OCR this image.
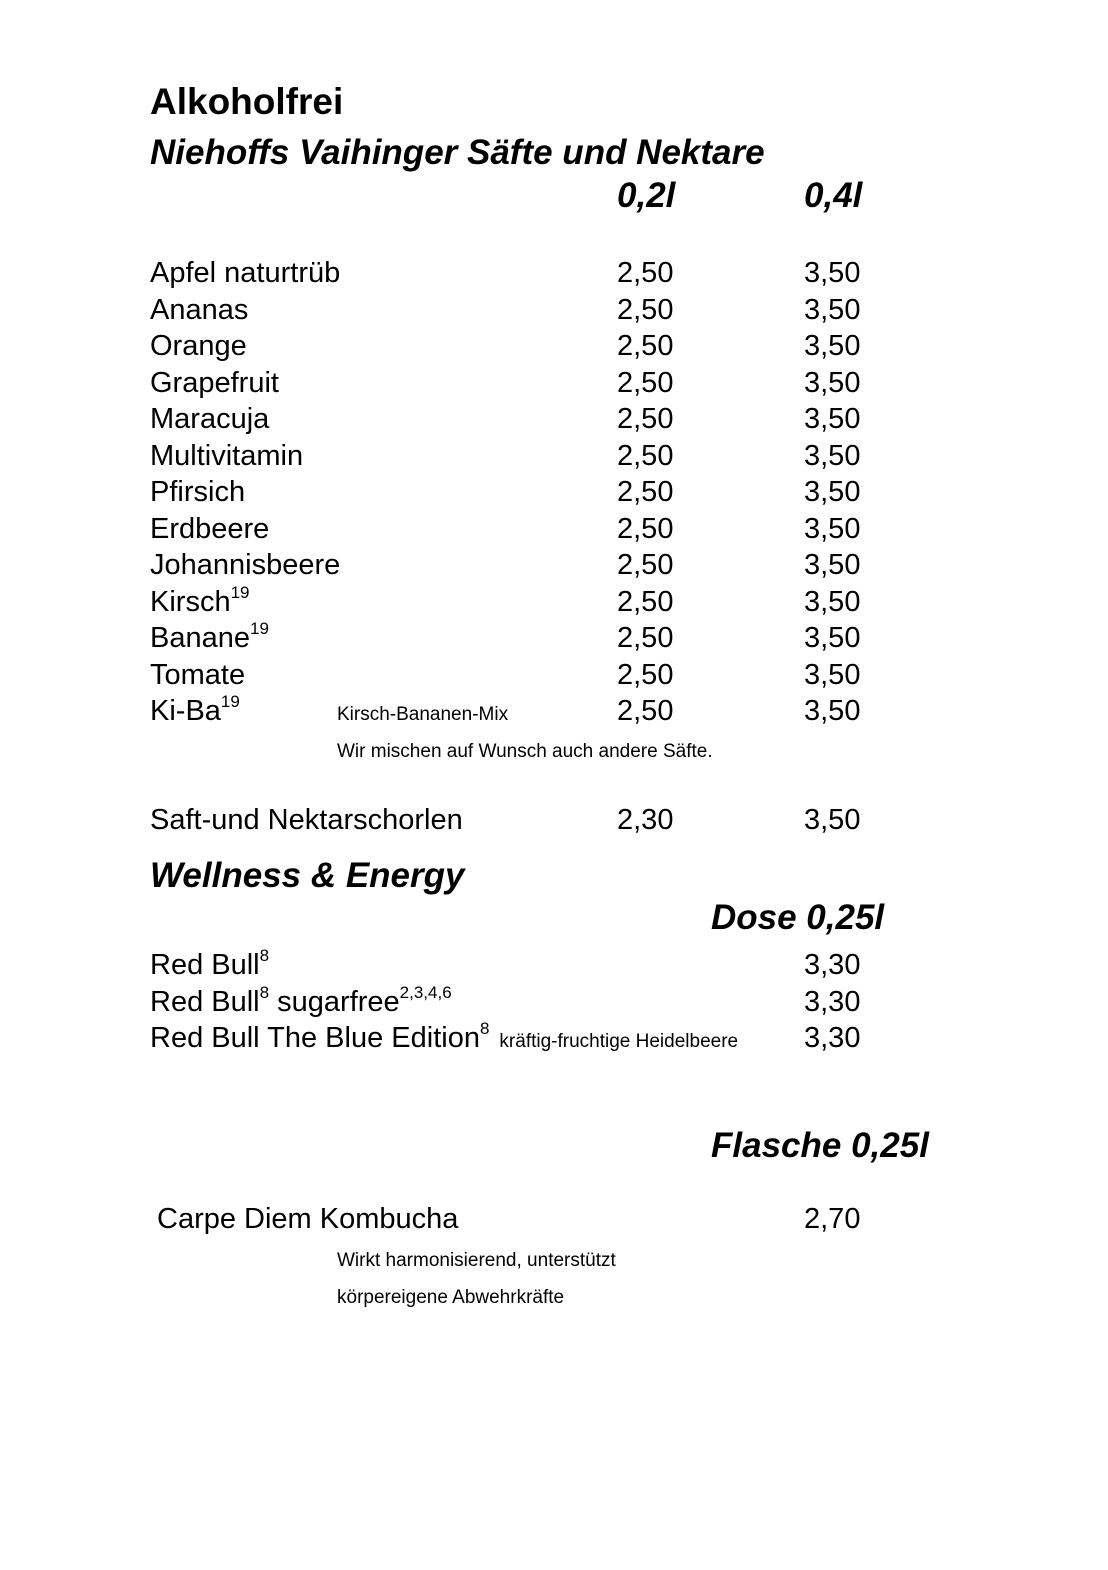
Alkoholfrei
Niehoffs Vaihinger Säfte und Nektare
0,2l	0,4l
Apfel naturtrüb	2,50	3,50
Ananas	2,50	3,50
Orange	2,50	3,50
Grapefruit	2,50	3,50
Maracuja	2,50	3,50
Multivitamin	2,50	3,50
Pfirsich	2,50	3,50
Erdbeere	2,50	3,50
Johannisbeere	2,50	3,50
Kirsch$^{19}$	2,50	3,50
Banane$^{19}$	2,50	3,50
Tomate	2,50	3,50
Ki-Ba$^{19}$	2,50	3,50
Kirsch-Bananen-Mix
Wir mischen auf Wunsch auch andere Säfte.
Saft-und Nektarschorlen	2,30	3,50
Wellness & Energy
Dose 0,25l
Red Bull$^8$	3,30
Red Bull$^8$ sugarfree$^{2,3,4,6}$	3,30
Red Bull The Blue Edition$^8$kräftig-fruchtige Heidelbeere 3,30
Flasche 0,25l
Carpe Diem Kombucha	2,70
Wirkt harmonisierend, unterstützt
körpereigene Abwehrkräfte
